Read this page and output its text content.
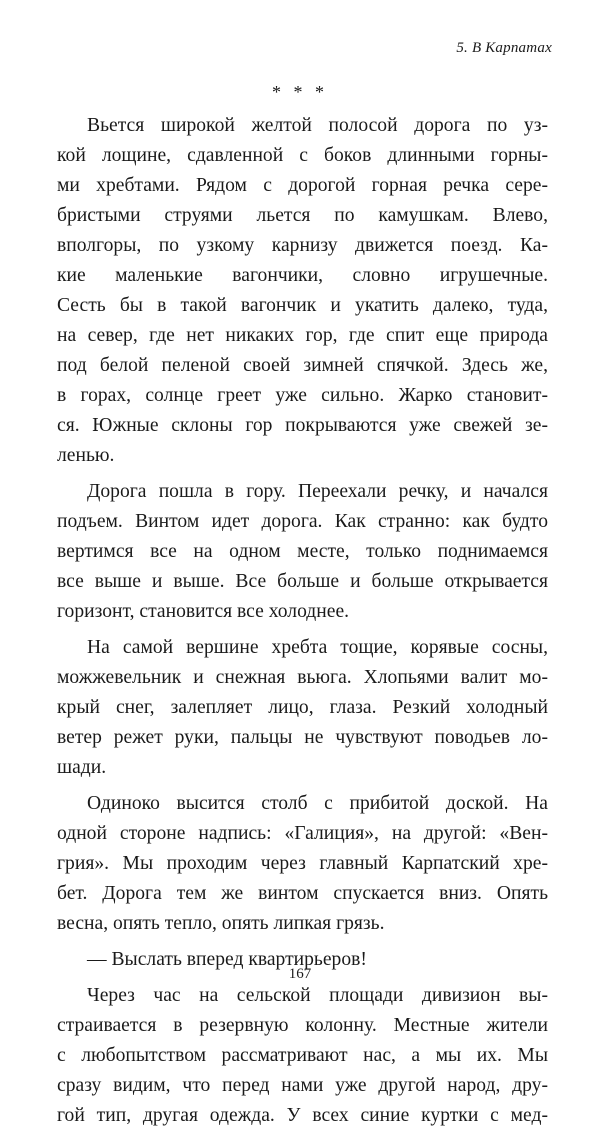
5. В Карпатах
* * *
Вьется широкой желтой полосой дорога по уз-
кой лощине, сдавленной с боков длинными горны-
ми хребтами. Рядом с дорогой горная речка сере-
бристыми струями льется по камушкам. Влево,
вполгоры, по узкому карнизу движется поезд. Ка-
кие маленькие вагончики, словно игрушечные.
Сесть бы в такой вагончик и укатить далеко, туда,
на север, где нет никаких гор, где спит еще природа
под белой пеленой своей зимней спячкой. Здесь же,
в горах, солнце греет уже сильно. Жарко становит-
ся. Южные склоны гор покрываются уже свежей зе-
ленью.
Дорога пошла в гору. Переехали речку, и начался
подъем. Винтом идет дорога. Как странно: как будто
вертимся все на одном месте, только поднимаемся
все выше и выше. Все больше и больше открывается
горизонт, становится все холоднее.
На самой вершине хребта тощие, корявые сосны,
можжевельник и снежная вьюга. Хлопьями валит мо-
крый снег, залепляет лицо, глаза. Резкий холодный
ветер режет руки, пальцы не чувствуют поводьев ло-
шади.
Одиноко высится столб с прибитой доской. На
одной стороне надпись: «Галиция», на другой: «Вен-
грия». Мы проходим через главный Карпатский хре-
бет. Дорога тем же винтом спускается вниз. Опять
весна, опять тепло, опять липкая грязь.
— Выслать вперед квартирьеров!
Через час на сельской площади дивизион вы-
страивается в резервную колонну. Местные жители
с любопытством рассматривают нас, а мы их. Мы
сразу видим, что перед нами уже другой народ, дру-
гой тип, другая одежда. У всех синие куртки с мед-
167
